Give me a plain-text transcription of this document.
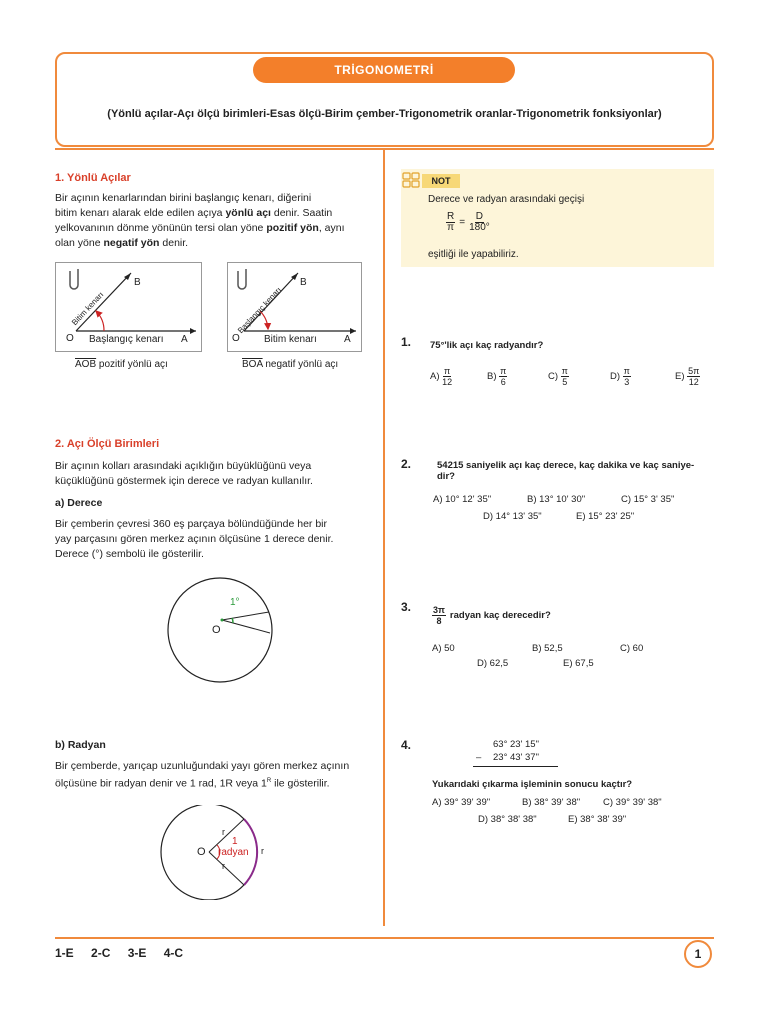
TRİGONOMETRİ
(Yönlü açılar-Açı ölçü birimleri-Esas ölçü-Birim çember-Trigonometrik oranlar-Trigonometrik fonksiyonlar)
1. Yönlü Açılar
Bir açının kenarlarından birini başlangıç kenarı, diğerini
bitim kenarı alarak elde edilen açıya yönlü açı denir. Saatin
yelkovanının dönme yönünün tersi olan yöne pozitif yön, aynı
olan yöne negatif yön denir.
Bitim kenarı
B
O Başlangıç kenarı A
$\overline{AOB}$ pozitif yönlü açı
Başlangıç kenarı
B
O Bitim kenarı	A
$\overline{BOA}$ negatif yönlü açı
2. Açı Ölçü Birimleri
Bir açının kolları arasındaki açıklığın büyüklüğünü veya
küçüklüğünü göstermek için derece ve radyan kullanılır.
a) Derece
Bir çemberin çevresi 360 eş parçaya bölündüğünde her bir
yay parçasını gören merkez açının ölçüsüne 1 derece denir.
Derece (°) sembolü ile gösterilir.
1°
O
b) Radyan
Bir çemberde, yarıçap uzunluğundaki yayı gören merkez açının
ölçüsüne bir radyan denir ve 1 rad, 1R veya $1^R$ ile gösterilir.
O
1
radyan
r
r
r
NOT
Derece ve radyan arasındaki geçişi
$\frac{R}{\pi} = \frac{D}{180^\circ}$
eşitliği ile yapabiliriz.
1. 75°'lik açı kaç radyandır?
$A) \frac{\pi}{12}$	$B) \frac{\pi}{6}$	$C) \frac{\pi}{5}$	$D) \frac{\pi}{3}$	$E) \frac{5\pi}{12}$
2.	54215 saniyelik açı kaç derece, kaç dakika ve kaç saniye-
dir?
A) 10° 12' 35"	B) 13° 10' 30"	C) 15° 3' 35"
D) 14° 13' 35"	E) 15° 23' 25"
3. $\frac{3\pi}{8}$ radyan kaç derecedir?
A) 50	B) 52,5	C) 60
D) 62,5	E) 67,5
4.	63° 23' 15"
– 23° 43' 37"
Yukarıdaki çıkarma işleminin sonucu kaçtır?
A) 39° 39' 39"	B) 38° 39' 38" C) 39° 39' 38"
D) 38° 38' 38"	E) 38° 38' 39"
1-E 2-C 3-E 4-C	1
